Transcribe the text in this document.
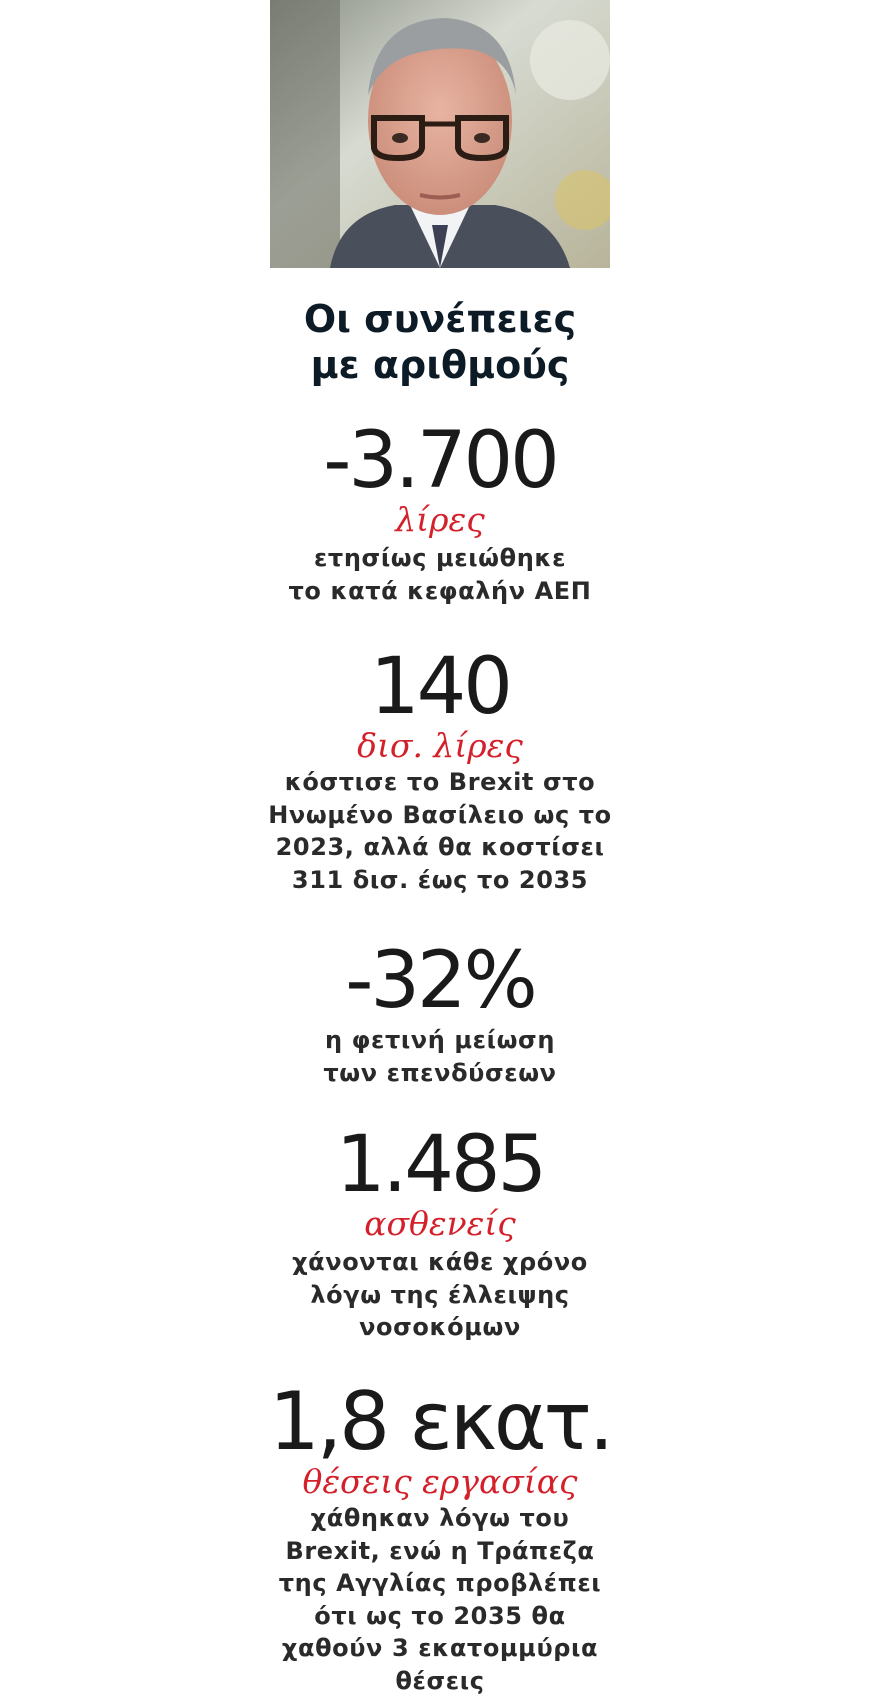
Οι συνέπειες
με αριθμούς
-3.700
λίρες
ετησίως μειώθηκε
το κατά κεφαλήν ΑΕΠ
140
δισ. λίρες
κόστισε το Brexit στο
Ηνωμένο Βασίλειο ως το
2023, αλλά θα κοστίσει
311 δισ. έως το 2035
-32%
η φετινή μείωση
των επενδύσεων
1.485
ασθενείς
χάνονται κάθε χρόνο
λόγω της έλλειψης
νοσοκόμων
1,8 εκατ.
θέσεις εργασίας
χάθηκαν λόγω του
Brexit, ενώ η Τράπεζα
της Αγγλίας προβλέπει
ότι ως το 2035 θα
χαθούν 3 εκατομμύρια
θέσεις
